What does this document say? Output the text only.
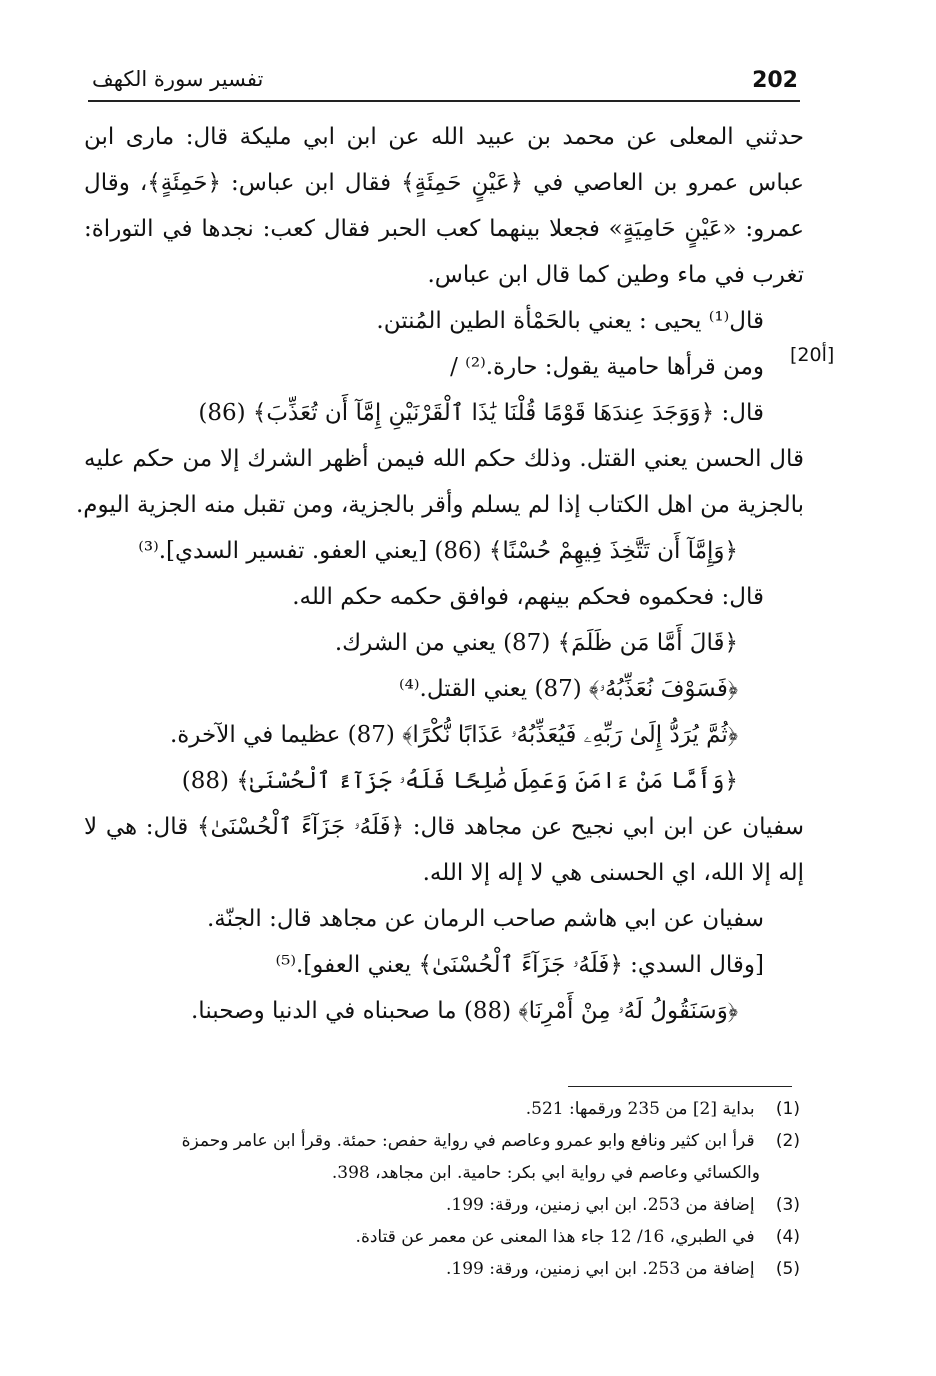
202
تفسير سورة الكهف
[20أ]
حدثني المعلى عن محمد بن عبيد الله عن ابن ابي مليكة قال: مارى ابن
عباس عمرو بن العاصي في ﴿عَيْنٍ حَمِئَةٍ﴾ فقال ابن عباس: ﴿حَمِئَةٍ﴾، وقال
عمرو: «عَيْنٍ حَامِيَةٍ» فجعلا بينهما كعب الحبر فقال كعب: نجدها في التوراة:
تغرب في ماء وطين كما قال ابن عباس.
قال⁽¹⁾ يحيى : يعني بالحَمْأة الطين المُنتن.
ومن قرأها حامية يقول: حارة.⁽²⁾ /
قال: ﴿وَوَجَدَ عِندَهَا قَوْمًا قُلْنَا يَٰذَا ٱلْقَرْنَيْنِ إِمَّآ أَن تُعَذِّبَ﴾ (86)
قال الحسن يعني القتل. وذلك حكم الله فيمن أظهر الشرك إلا من حكم عليه
بالجزية من اهل الكتاب إذا لم يسلم وأقر بالجزية، ومن تقبل منه الجزية اليوم.
﴿وَإِمَّآ أَن تَتَّخِذَ فِيهِمْ حُسْنًا﴾ (86) [يعني العفو. تفسير السدي].⁽³⁾
قال: فحكموه فحكم بينهم، فوافق حكمه حكم الله.
﴿قَالَ أَمَّا مَن ظَلَمَ﴾ (87) يعني من الشرك.
﴿فَسَوْفَ نُعَذِّبُهُۥ﴾ (87) يعني القتل.⁽⁴⁾
﴿ثُمَّ يُرَدُّ إِلَىٰ رَبِّهِۦ فَيُعَذِّبُهُۥ عَذَابًا نُّكْرًا﴾ (87) عظيما في الآخرة.
﴿وَأَمَّا مَنْ ءَامَنَ وَعَمِلَ صَٰلِحًا فَلَهُۥ جَزَآءً ٱلْحُسْنَىٰ﴾ (88)
سفيان عن ابن ابي نجيح عن مجاهد قال: ﴿فَلَهُۥ جَزَآءً ٱلْحُسْنَىٰ﴾ قال: هي لا
إله إلا الله، اي الحسنى هي لا إله إلا الله.
سفيان عن ابي هاشم صاحب الرمان عن مجاهد قال: الجنّة.
[وقال السدي: ﴿فَلَهُۥ جَزَآءً ٱلْحُسْنَىٰ﴾ يعني العفو].⁽⁵⁾
﴿وَسَنَقُولُ لَهُۥ مِنْ أَمْرِنَا﴾ (88) ما صحبناه في الدنيا وصحبنا.
(1) بداية [2] من 235 ورقمها: 521.
(2) قرأ ابن كثير ونافع وابو عمرو وعاصم في رواية حفص: حمئة. وقرأ ابن عامر وحمزة
والكسائي وعاصم في رواية ابي بكر: حامية. ابن مجاهد، 398.
(3) إضافة من 253. ابن ابي زمنين، ورقة: 199.
(4) في الطبري، 16/ 12 جاء هذا المعنى عن معمر عن قتادة.
(5) إضافة من 253. ابن ابي زمنين، ورقة: 199.
